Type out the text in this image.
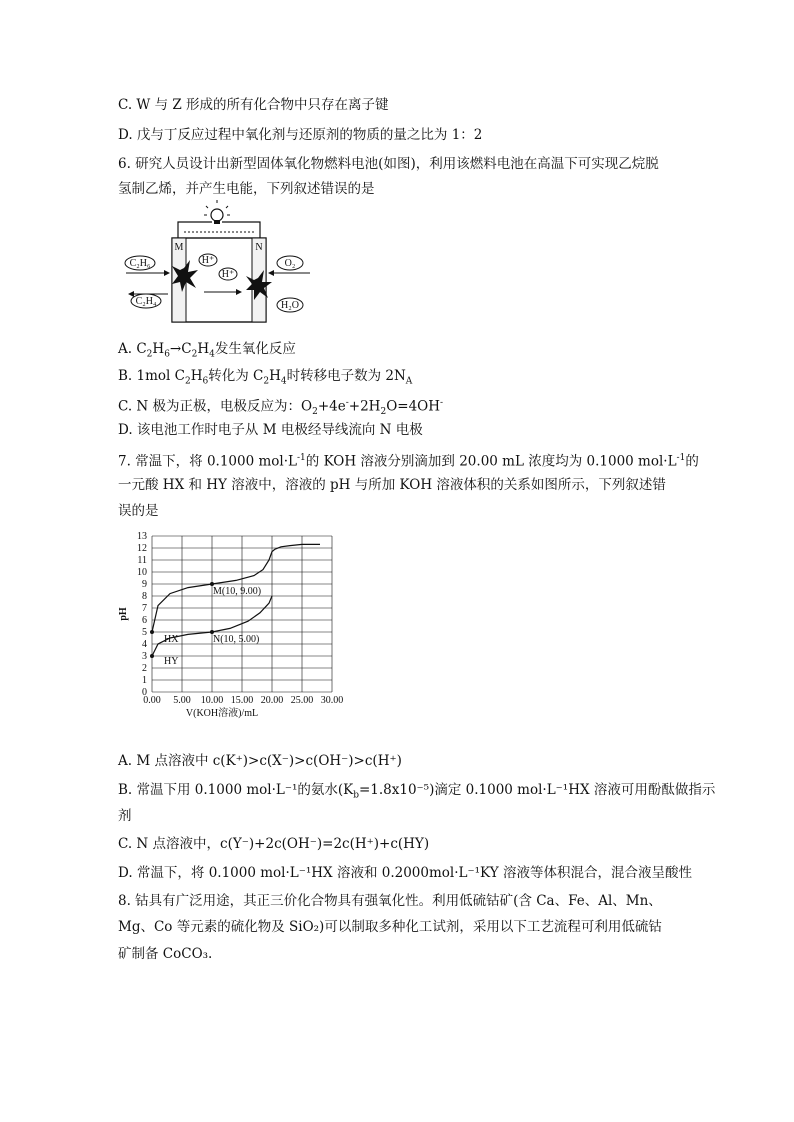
C. W 与 Z 形成的所有化合物中只存在离子键
D. 戊与丁反应过程中氧化剂与还原剂的物质的量之比为 1：2
6. 研究人员设计出新型固体氧化物燃料电池(如图)，利用该燃料电池在高温下可实现乙烷脱
氢制乙烯，并产生电能，下列叙述错误的是
M	N
H⁺
H⁺
C₂H₆
C₂H₄
O₂
H₂O
A. $C_2H_6\to C_2H_4$发生氧化反应
B. 1mol $C_2H_6$转化为 $C_2H_4$时转移电子数为 $2N_A$
C. N 极为正极，电极反应为：$O_2+4e^-+2H_2O=4OH^-$
D. 该电池工作时电子从 M 电极经导线流向 N 电极
7. 常温下，将 0.1000 $mol\cdot L^{-1}$的 KOH 溶液分别滴加到 20.00 mL 浓度均为 0.1000 $mol\cdot L^{-1}$的
一元酸 HX 和 HY 溶液中，溶液的 pH 与所加 KOH 溶液体积的关系如图所示，下列叙述错
误的是
0
1
2
3
4
5
6
7
8
9
10
11
12
13
0.00 5.00 10.00 15.00 20.00 25.00 30.00
pH
V(KOH溶液)/mL
HX
HY
M(10, 9.00)
N(10, 5.00)
A. M 点溶液中 c(K⁺)>c(X⁻)>c(OH⁻)>c(H⁺)
B. 常温下用 0.1000 mol·L⁻¹的氨水$(K_b=1.8x10^{-5})$滴定 0.1000 mol·L⁻¹HX 溶液可用酚酞做指示
剂
C. N 点溶液中，c(Y⁻)+2c(OH⁻)=2c(H⁺)+c(HY)
D. 常温下，将 0.1000 mol·L⁻¹HX 溶液和 0.2000mol·L⁻¹KY 溶液等体积混合，混合液呈酸性
8. 钴具有广泛用途，其正三价化合物具有强氧化性。利用低硫钴矿(含 Ca、Fe、Al、Mn、
Mg、Co 等元素的硫化物及 SiO₂)可以制取多种化工试剂，采用以下工艺流程可利用低硫钴
矿制备 CoCO₃.
